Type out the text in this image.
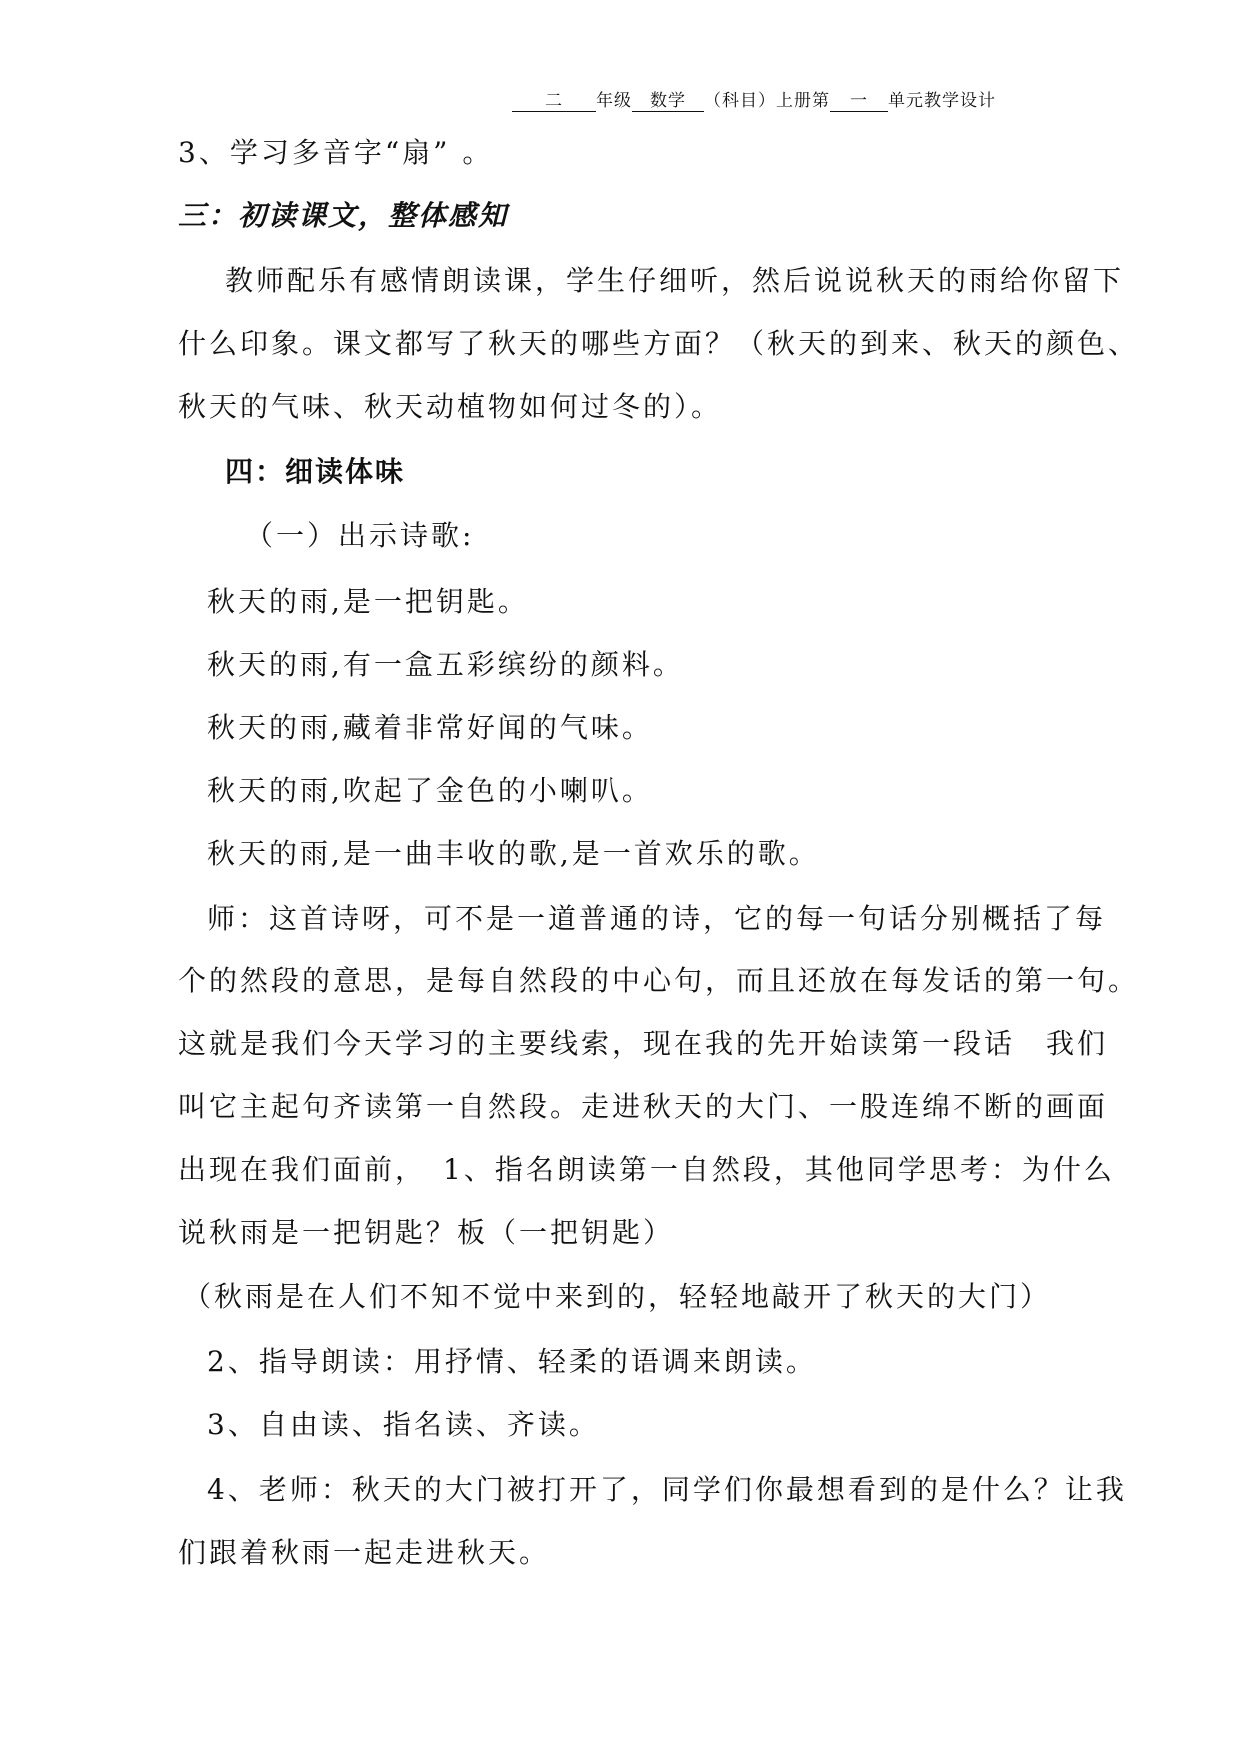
二 年级 数学 （科目）上册第 一 单元教学设计
3、学习多音字“扇” 。
三：初读课文，整体感知
教师配乐有感情朗读课，学生仔细听，然后说说秋天的雨给你留下
什么印象。课文都写了秋天的哪些方面？（秋天的到来、秋天的颜色、
秋天的气味、秋天动植物如何过冬的）。
四：细读体味
（一）出示诗歌:
秋天的雨,是一把钥匙。
秋天的雨,有一盒五彩缤纷的颜料。
秋天的雨,藏着非常好闻的气味。
秋天的雨,吹起了金色的小喇叭。
秋天的雨,是一曲丰收的歌,是一首欢乐的歌。
师：这首诗呀，可不是一道普通的诗，它的每一句话分别概括了每
个的然段的意思，是每自然段的中心句，而且还放在每发话的第一句。
这就是我们今天学习的主要线索，现在我的先开始读第一段话　我们
叫它主起句齐读第一自然段。走进秋天的大门、一股连绵不断的画面
出现在我们面前，　1、指名朗读第一自然段，其他同学思考：为什么
说秋雨是一把钥匙？板（一把钥匙）
（秋雨是在人们不知不觉中来到的，轻轻地敲开了秋天的大门）
2、指导朗读：用抒情、轻柔的语调来朗读。
3、自由读、指名读、齐读。
4、老师：秋天的大门被打开了，同学们你最想看到的是什么？让我
们跟着秋雨一起走进秋天。
